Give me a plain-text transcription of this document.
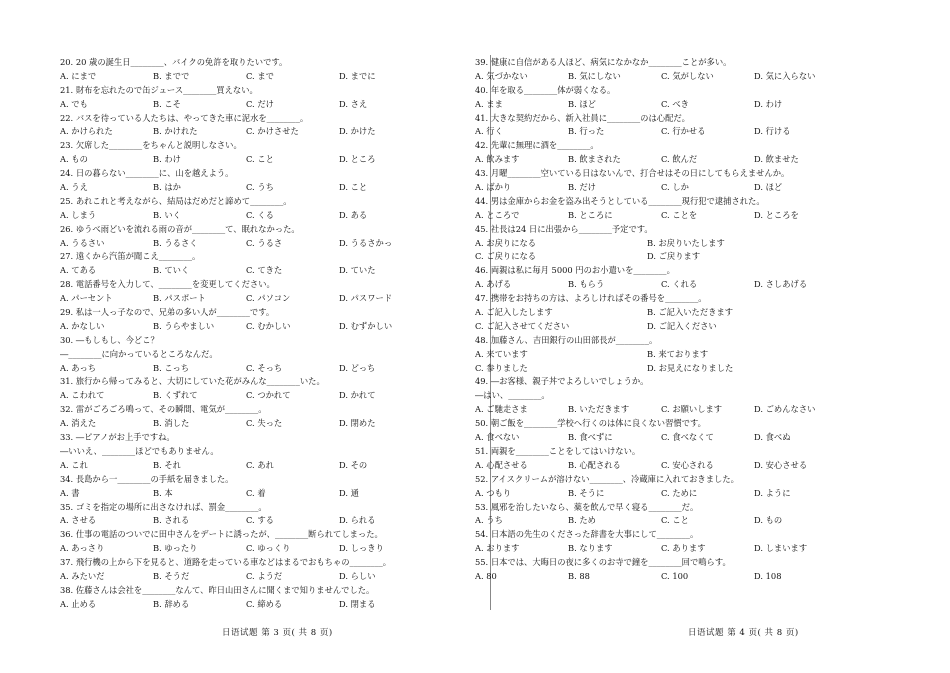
20. 20 歳の誕生日________、バイクの免許を取りたいです。
A. にまで	B. までで	C. まで	D. までに
21. 財布を忘れたので缶ジュース________買えない。
A. でも	B. こそ	C. だけ	D. さえ
22. バスを待っている人たちは、やってきた車に泥水を________。
A. かけられた	B. かけれた	C. かけさせた	D. かけた
23. 欠席した________をちゃんと説明しなさい。
A. もの	B. わけ	C. こと	D. ところ
24. 日の暮らない________に、山を越えよう。
A. うえ	B. はか	C. うち	D. こと
25. あれこれと考えながら、結局はだめだと諦めて________。
A. しまう	B. いく	C. くる	D. ある
26. ゆうべ雨どいを流れる雨の音が________て、眠れなかった。
A. うるさい	B. うるさく	C. うるさ	D. うるさかっ
27. 遠くから汽笛が聞こえ________。
A. てある	B. ていく	C. てきた	D. ていた
28. 電話番号を入力して、________を変更してください。
A. パーセント	B. パスポート	C. パソコン	D. パスワード
29. 私は一人っ子なので、兄弟の多い人が________です。
A. かなしい	B. うらやましい	C. むかしい	D. むずかしい
30. ―もしもし、今どこ？
―________に向かっているところなんだ。
A. あっち	B. こっち	C. そっち	D. どっち
31. 旅行から帰ってみると、大切にしていた花がみんな________いた。
A. こわれて	B. くずれて	C. つかれて	D. かれて
32. 雷がごろごろ鳴って、その瞬間、電気が________。
A. 消えた	B. 消した	C. 失った	D. 閉めた
33. ―ピアノがお上手ですね。
―いいえ、________ほどでもありません。
A. これ	B. それ	C. あれ	D. その
34. 長島から一________の手紙を届きました。
A. 書	B. 本	C. 着	D. 通
35. ゴミを指定の場所に出さなければ、罰金________。
A. させる	B. される	C. する	D. られる
36. 仕事の電話のついでに田中さんをデートに誘ったが、________断られてしまった。
A. あっさり	B. ゆったり	C. ゆっくり	D. しっきり
37. 飛行機の上から下を見ると、道路を走っている車などはまるでおもちゃの________。
A. みたいだ	B. そうだ	C. ようだ	D. らしい
38. 佐藤さんは会社を________なんて、昨日山田さんに聞くまで知りませんでした。
A. 止める	B. 辞める	C. 締める	D. 閉まる
日语试题 第 3 页( 共 8 页)
39. 健康に自信がある人ほど、病気になかなか________ことが多い。
A. 気づかない	B. 気にしない	C. 気がしない	D. 気に入らない
40. 年を取る________体が弱くなる。
A. まま	B. ほど	C. べき	D. わけ
41. 大きな契約だから、新入社員に________のは心配だ。
A. 行く	B. 行った	C. 行かせる	D. 行ける
42. 先輩に無理に酒を________。
A. 飲みます	B. 飲まされた	C. 飲んだ	D. 飲ませた
43. 月曜________空いている日はないんで、打合せはその日にしてもらえませんか。
A. ばかり	B. だけ	C. しか	D. ほど
44. 男は金庫からお金を盗み出そうとしている________現行犯で逮捕された。
A. ところで	B. ところに	C. ことを	D. ところを
45. 社長は24 日に出張から________予定です。
A. お戻りになる	B. お戻りいたします
C. ご戻りになる	D. ご戻ります
46. 両親は私に毎月 5000 円のお小遣いを________。
A. あげる	B. もらう	C. くれる	D. さしあげる
47. 携帯をお持ちの方は、よろしければその番号を________。
A. ご記入したします	B. ご記入いただきます
C. ご記入させてください	D. ご記入ください
48. 加藤さん、吉田銀行の山田部長が________。
A. 来ています	B. 来ております
C. 参りました	D. お見えになりました
49. ―お客様、親子丼でよろしいでしょうか。
―はい、________。
A. ご馳走さま	B. いただきます	C. お願いします	D. ごめんなさい
50. 朝ご飯を________学校へ行くのは体に良くない習慣です。
A. 食べない	B. 食べずに	C. 食べなくて	D. 食べぬ
51. 両親を________ことをしてはいけない。
A. 心配させる	B. 心配される	C. 安心される	D. 安心させる
52. アイスクリームが溶けない________、冷蔵庫に入れておきました。
A. つもり	B. そうに	C. ために	D. ように
53. 風邪を治したいなら、薬を飲んで早く寝る________だ。
A. うち	B. ため	C. こと	D. もの
54. 日本語の先生のくださった辞書を大事にして________。
A. おります	B. なります	C. あります	D. しまいます
55. 日本では、大晦日の夜に多くのお寺で鐘を________回で鳴らす。
A. 80	B. 88	C. 100	D. 108
日语试题 第 4 页( 共 8 页)
